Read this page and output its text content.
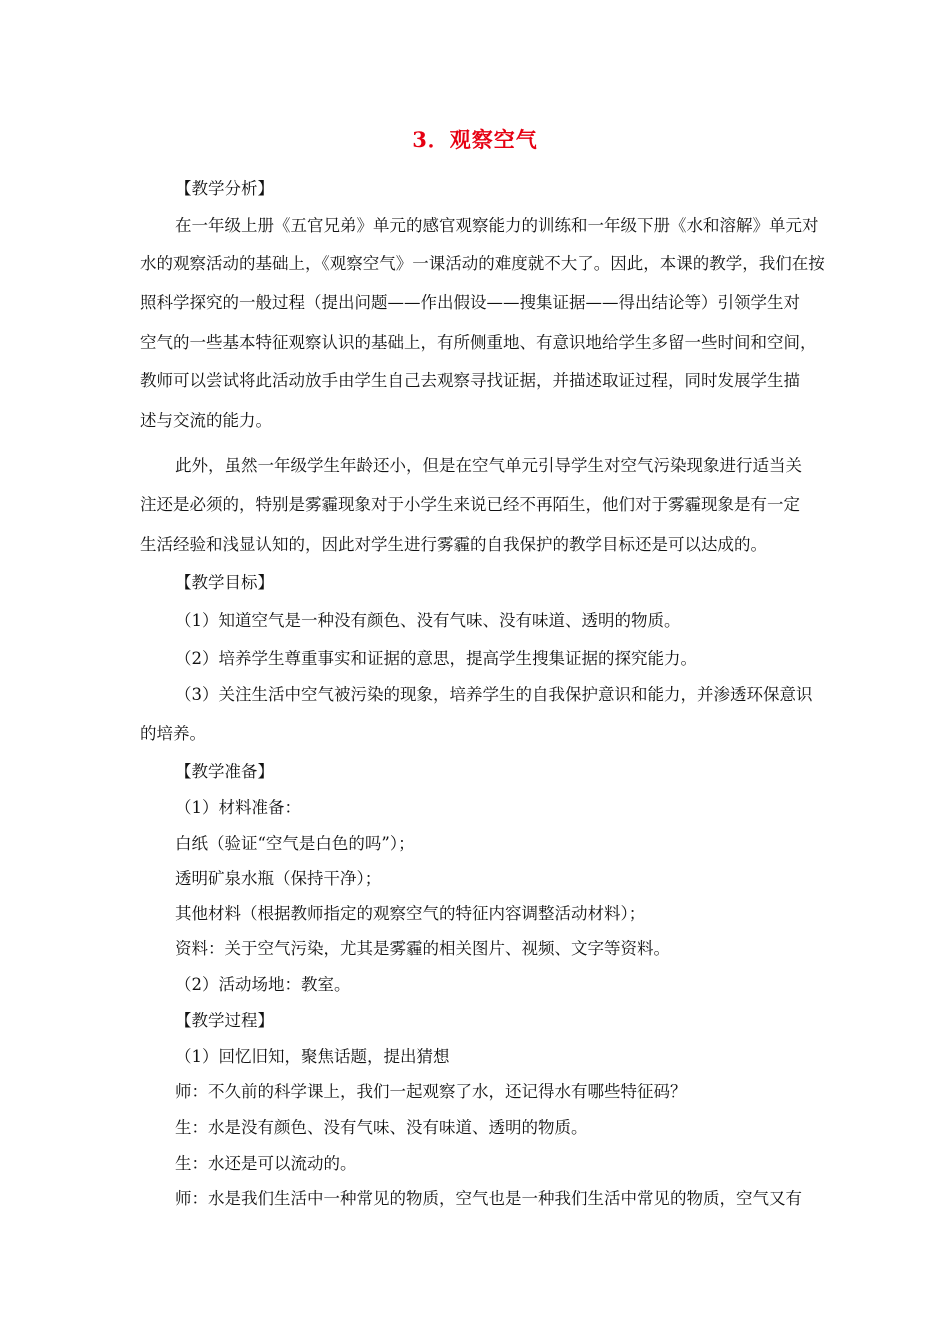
3．观察空气
【教学分析】
在一年级上册《五官兄弟》单元的感官观察能力的训练和一年级下册《水和溶解》单元对
水的观察活动的基础上，《观察空气》一课活动的难度就不大了。因此，本课的教学，我们在按
照科学探究的一般过程（提出问题——作出假设——搜集证据——得出结论等）引领学生对
空气的一些基本特征观察认识的基础上，有所侧重地、有意识地给学生多留一些时间和空间，
教师可以尝试将此活动放手由学生自己去观察寻找证据，并描述取证过程，同时发展学生描
述与交流的能力。
此外，虽然一年级学生年龄还小，但是在空气单元引导学生对空气污染现象进行适当关
注还是必须的，特别是雾霾现象对于小学生来说已经不再陌生，他们对于雾霾现象是有一定
生活经验和浅显认知的，因此对学生进行雾霾的自我保护的教学目标还是可以达成的。
【教学目标】
（1）知道空气是一种没有颜色、没有气味、没有味道、透明的物质。
（2）培养学生尊重事实和证据的意思，提高学生搜集证据的探究能力。
（3）关注生活中空气被污染的现象，培养学生的自我保护意识和能力，并渗透环保意识
的培养。
【教学准备】
（1）材料准备：
白纸（验证“空气是白色的吗”）；
透明矿泉水瓶（保持干净）；
其他材料（根据教师指定的观察空气的特征内容调整活动材料）；
资料：关于空气污染，尤其是雾霾的相关图片、视频、文字等资料。
（2）活动场地：教室。
【教学过程】
（1）回忆旧知，聚焦话题，提出猜想
师：不久前的科学课上，我们一起观察了水，还记得水有哪些特征码？
生：水是没有颜色、没有气味、没有味道、透明的物质。
生：水还是可以流动的。
师：水是我们生活中一种常见的物质，空气也是一种我们生活中常见的物质，空气又有
